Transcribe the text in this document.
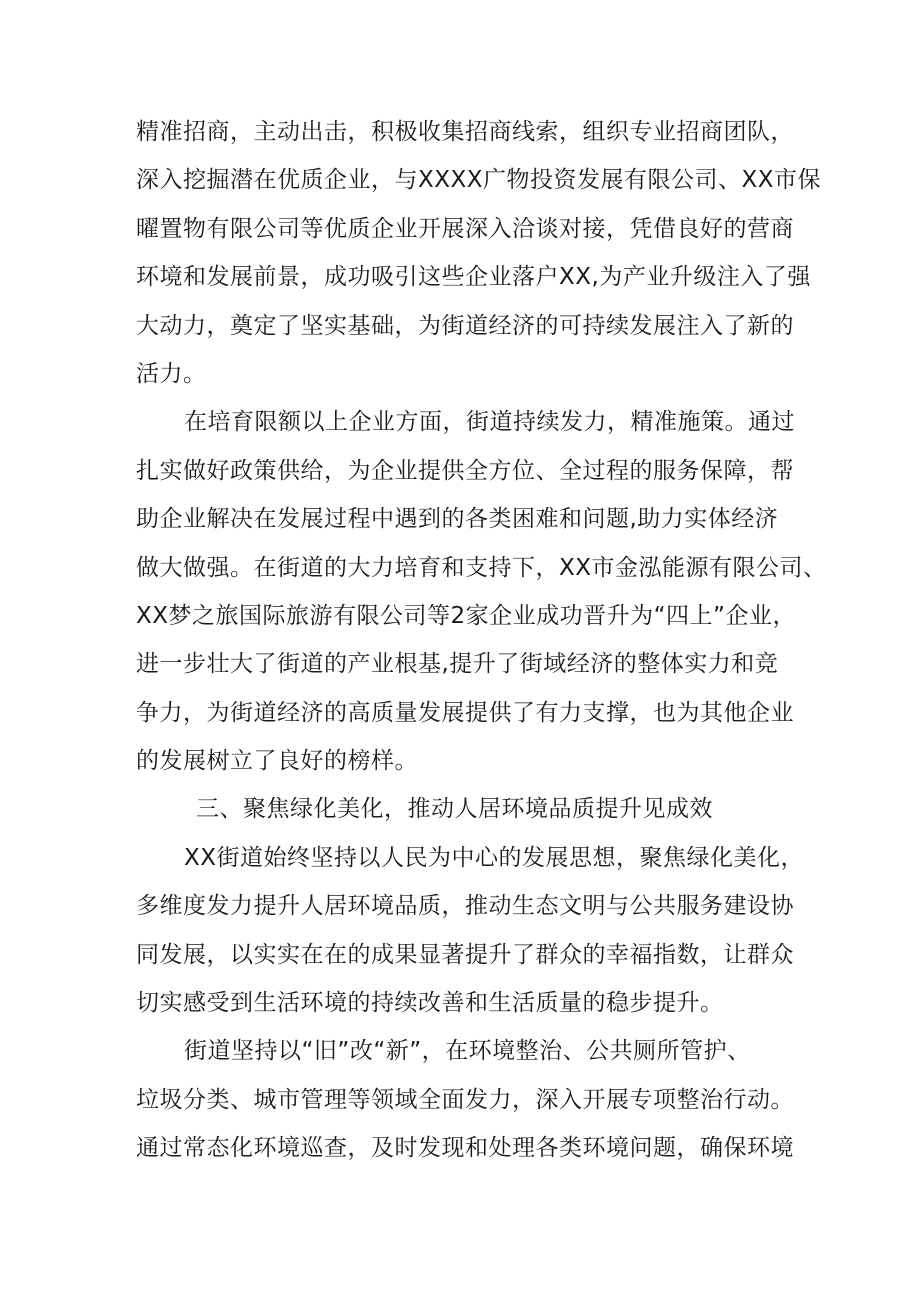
精准招商，主动出击，积极收集招商线索，组织专业招商团队，
深入挖掘潜在优质企业，与XXXX广物投资发展有限公司、XX市保
曜置物有限公司等优质企业开展深入洽谈对接，凭借良好的营商
环境和发展前景，成功吸引这些企业落户XX,为产业升级注入了强
大动力，奠定了坚实基础，为街道经济的可持续发展注入了新的
活力。
在培育限额以上企业方面，街道持续发力，精准施策。通过
扎实做好政策供给，为企业提供全方位、全过程的服务保障，帮
助企业解决在发展过程中遇到的各类困难和问题,助力实体经济
做大做强。在街道的大力培育和支持下，XX市金泓能源有限公司、
XX梦之旅国际旅游有限公司等2家企业成功晋升为“四上”企业，
进一步壮大了街道的产业根基,提升了街域经济的整体实力和竞
争力，为街道经济的高质量发展提供了有力支撑，也为其他企业
的发展树立了良好的榜样。
三、聚焦绿化美化，推动人居环境品质提升见成效
XX街道始终坚持以人民为中心的发展思想，聚焦绿化美化，
多维度发力提升人居环境品质，推动生态文明与公共服务建设协
同发展，以实实在在的成果显著提升了群众的幸福指数，让群众
切实感受到生活环境的持续改善和生活质量的稳步提升。
街道坚持以“旧”改“新”，在环境整治、公共厕所管护、
垃圾分类、城市管理等领域全面发力，深入开展专项整治行动。
通过常态化环境巡查，及时发现和处理各类环境问题，确保环境
